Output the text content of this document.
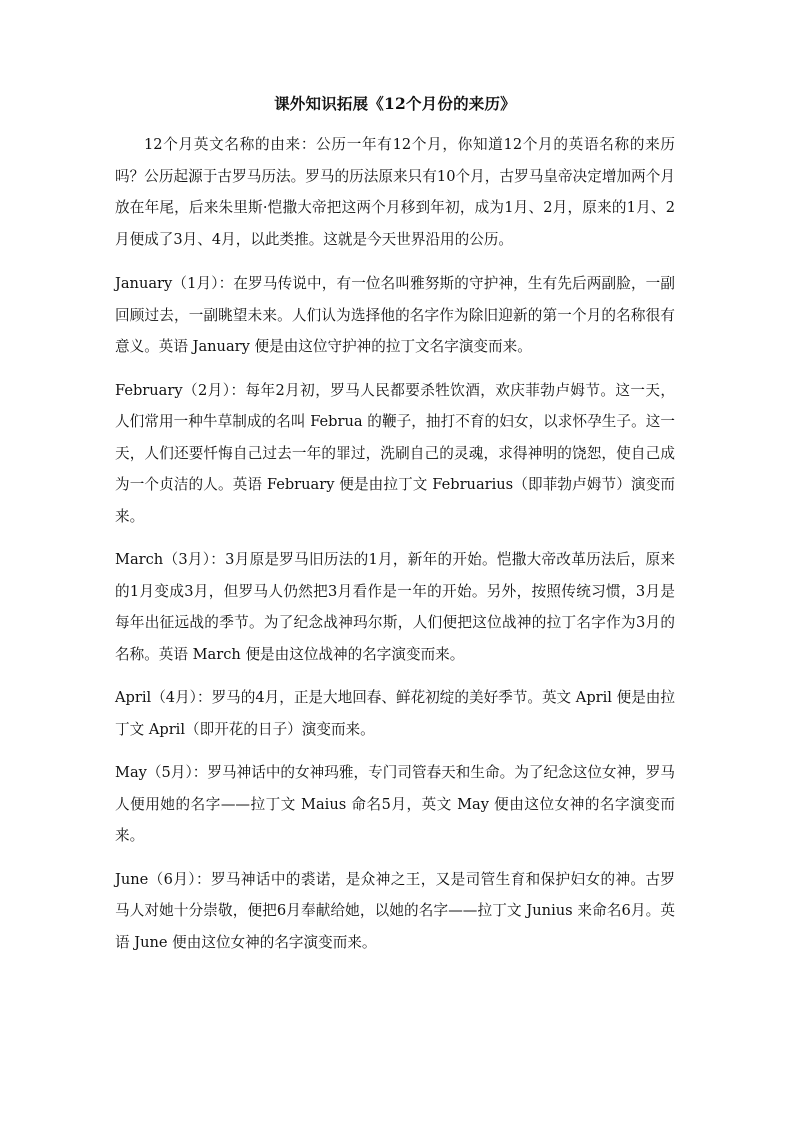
课外知识拓展《12个月份的来历》

12个月英文名称的由来：公历一年有12个月，你知道12个月的英语名称的来历吗？公历起源于古罗马历法。罗马的历法原来只有10个月，古罗马皇帝决定增加两个月放在年尾，后来朱里斯·恺撒大帝把这两个月移到年初，成为1月、2月，原来的1月、2月便成了3月、4月，以此类推。这就是今天世界沿用的公历。

January（1月）：在罗马传说中，有一位名叫雅努斯的守护神，生有先后两副脸，一副回顾过去，一副眺望未来。人们认为选择他的名字作为除旧迎新的第一个月的名称很有意义。英语 January 便是由这位守护神的拉丁文名字演变而来。

February（2月）：每年2月初，罗马人民都要杀牲饮酒，欢庆菲勃卢姆节。这一天，人们常用一种牛草制成的名叫 Februa 的鞭子，抽打不育的妇女，以求怀孕生子。这一天，人们还要忏悔自己过去一年的罪过，洗刷自己的灵魂，求得神明的饶恕，使自己成为一个贞洁的人。英语 February 便是由拉丁文 Februarius（即菲勃卢姆节）演变而来。

March（3月）：3月原是罗马旧历法的1月，新年的开始。恺撒大帝改革历法后，原来的1月变成3月，但罗马人仍然把3月看作是一年的开始。另外，按照传统习惯，3月是每年出征远战的季节。为了纪念战神玛尔斯，人们便把这位战神的拉丁名字作为3月的名称。英语 March 便是由这位战神的名字演变而来。

April（4月）：罗马的4月，正是大地回春、鲜花初绽的美好季节。英文 April 便是由拉丁文 April（即开花的日子）演变而来。

May（5月）：罗马神话中的女神玛雅，专门司管春天和生命。为了纪念这位女神，罗马人便用她的名字——拉丁文 Maius 命名5月，英文 May 便由这位女神的名字演变而来。

June（6月）：罗马神话中的裘诺，是众神之王，又是司管生育和保护妇女的神。古罗马人对她十分崇敬，便把6月奉献给她，以她的名字——拉丁文 Junius 来命名6月。英语 June 便由这位女神的名字演变而来。
